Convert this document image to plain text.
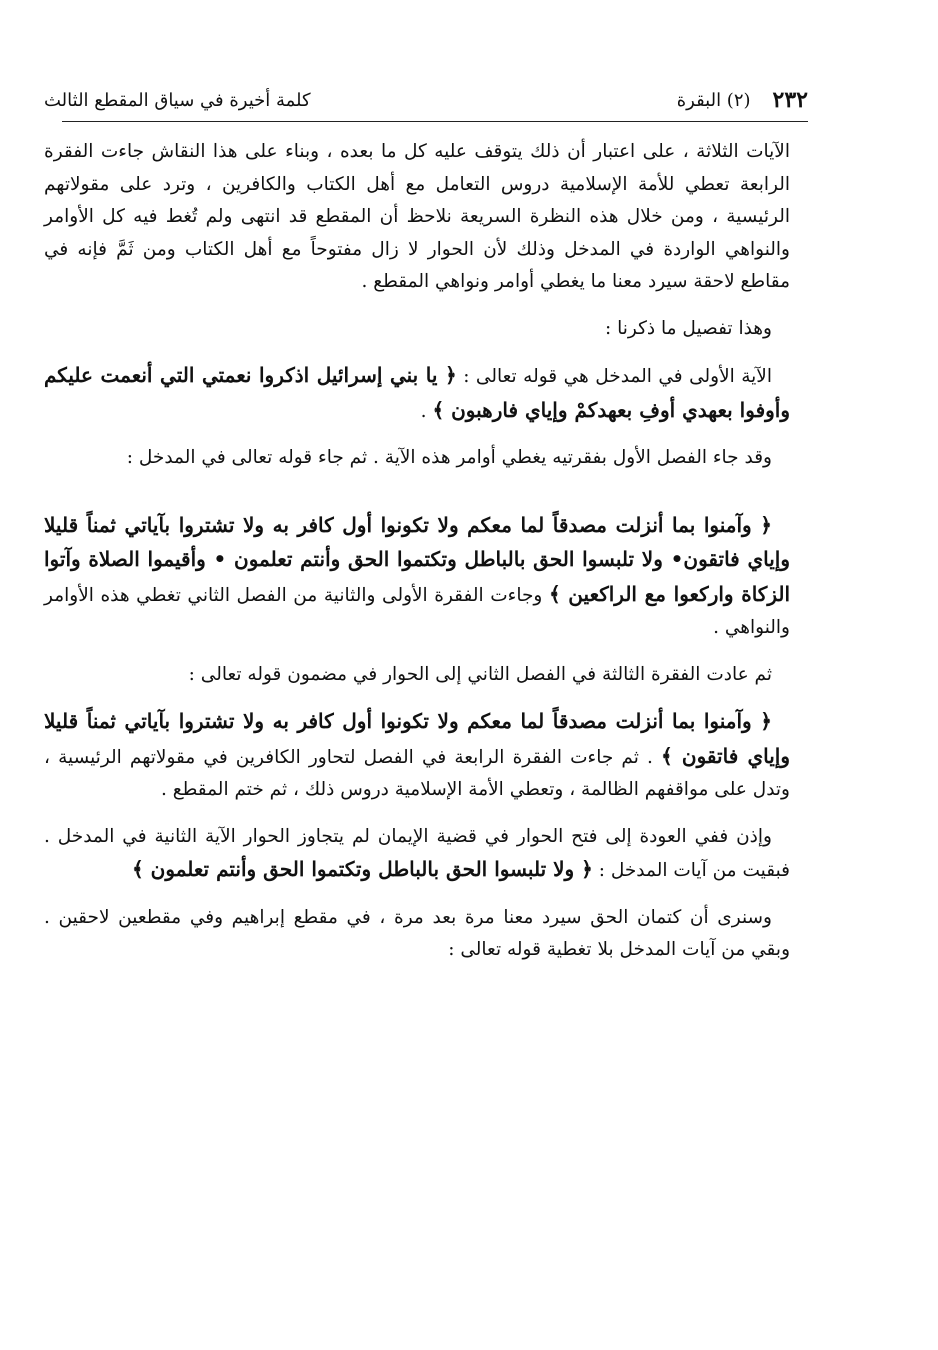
٢٣٢
(٢) البقرة
كلمة أخيرة في سياق المقطع الثالث

الآيات الثلاثة ، على اعتبار أن ذلك يتوقف عليه كل ما بعده ، وبناء على هذا النقاش جاءت الفقرة الرابعة تعطي للأمة الإسلامية دروس التعامل مع أهل الكتاب والكافرين ، وترد على مقولاتهم الرئيسية ، ومن خلال هذه النظرة السريعة نلاحظ أن المقطع قد انتهى ولم تُغط فيه كل الأوامر والنواهي الواردة في المدخل وذلك لأن الحوار لا زال مفتوحاً مع أهل الكتاب ومن ثَمَّ فإنه في مقاطع لاحقة سيرد معنا ما يغطي أوامر ونواهي المقطع .

وهذا تفصيل ما ذكرنا :

الآية الأولى في المدخل هي قوله تعالى : ﴿ يا بني إسرائيل اذكروا نعمتي التي أنعمت عليكم وأوفوا بعهدي أوفِ بعهدكمْ وإياي فارهبون ﴾ .

وقد جاء الفصل الأول بفقرتيه يغطي أوامر هذه الآية . ثم جاء قوله تعالى في المدخل :

﴿ وآمنوا بما أنزلت مصدقاً لما معكم ولا تكونوا أول كافر به ولا تشتروا بآياتي ثمناً قليلا وإياي فاتقون• ولا تلبسوا الحق بالباطل وتكتموا الحق وأنتم تعلمون • وأقيموا الصلاة وآتوا الزكاة واركعوا مع الراكعين ﴾ وجاءت الفقرة الأولى والثانية من الفصل الثاني تغطي هذه الأوامر والنواهي .

ثم عادت الفقرة الثالثة في الفصل الثاني إلى الحوار في مضمون قوله تعالى :

﴿ وآمنوا بما أنزلت مصدقاً لما معكم ولا تكونوا أول كافر به ولا تشتروا بآياتي ثمناً قليلا وإياي فاتقون ﴾ . ثم جاءت الفقرة الرابعة في الفصل لتحاور الكافرين في مقولاتهم الرئيسية ، وتدل على مواقفهم الظالمة ، وتعطي الأمة الإسلامية دروس ذلك ، ثم ختم المقطع .

وإذن ففي العودة إلى فتح الحوار في قضية الإيمان لم يتجاوز الحوار الآية الثانية في المدخل . فبقيت من آيات المدخل : ﴿ ولا تلبسوا الحق بالباطل وتكتموا الحق وأنتم تعلمون ﴾

وسنرى أن كتمان الحق سيرد معنا مرة بعد مرة ، في مقطع إبراهيم وفي مقطعين لاحقين . وبقي من آيات المدخل بلا تغطية قوله تعالى :
